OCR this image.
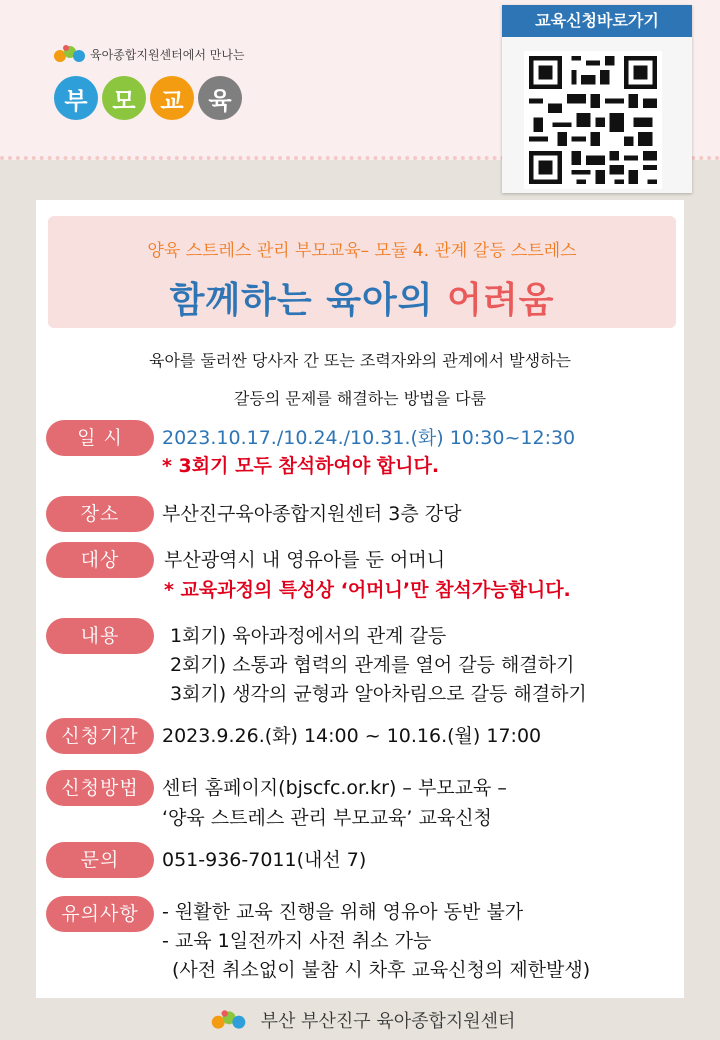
육아종합지원센터에서 만나는
부	모	교	육
교육신청바로가기
양육 스트레스 관리 부모교육– 모듈 4. 관계 갈등 스트레스
함께하는 육아의 어려움
육아를 둘러싼 당사자 간 또는 조력자와의 관계에서 발생하는
갈등의 문제를 해결하는 방법을 다룸
일 시	2023.10.17./10.24./10.31.(화) 10:30~12:30
* 3회기 모두 참석하여야 합니다.
장소	부산진구육아종합지원센터 3층 강당
대상	부산광역시 내 영유아를 둔 어머니
* 교육과정의 특성상 ‘어머니’만 참석가능합니다.
내용	1회기) 육아과정에서의 관계 갈등
2회기) 소통과 협력의 관계를 열어 갈등 해결하기
3회기) 생각의 균형과 알아차림으로 갈등 해결하기
신청기간	2023.9.26.(화) 14:00 ~ 10.16.(월) 17:00
신청방법	센터 홈페이지(bjscfc.or.kr) – 부모교육 –
‘양육 스트레스 관리 부모교육’ 교육신청
문의	051-936-7011(내선 7)
유의사항	- 원활한 교육 진행을 위해 영유아 동반 불가
- 교육 1일전까지 사전 취소 가능
(사전 취소없이 불참 시 차후 교육신청의 제한발생)
부산 부산진구 육아종합지원센터
